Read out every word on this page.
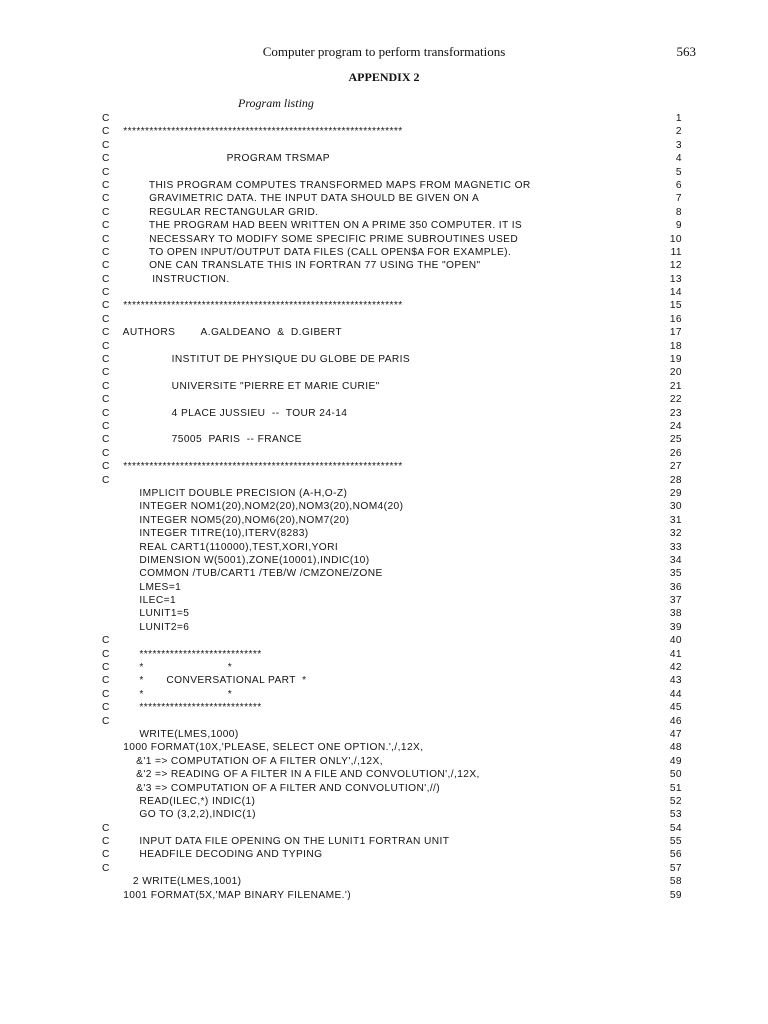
Computer program to perform transformations	563
APPENDIX 2
Program listing
C	1
C ****************************************************************	2
C	3
C PROGRAM TRSMAP	4
C	5
C THIS PROGRAM COMPUTES TRANSFORMED MAPS FROM MAGNETIC OR	6
C GRAVIMETRIC DATA. THE INPUT DATA SHOULD BE GIVEN ON A	7
C REGULAR RECTANGULAR GRID.	8
C THE PROGRAM HAD BEEN WRITTEN ON A PRIME 350 COMPUTER. IT IS	9
C NECESSARY TO MODIFY SOME SPECIFIC PRIME SUBROUTINES USED	10
C TO OPEN INPUT/OUTPUT DATA FILES (CALL OPEN$A FOR EXAMPLE).	11
C ONE CAN TRANSLATE THIS IN FORTRAN 77 USING THE "OPEN"	12
C INSTRUCTION.	13
C	14
C ****************************************************************	15
C	16
C AUTHORS        A.GALDEANO  &  D.GIBERT	17
C	18
C INSTITUT DE PHYSIQUE DU GLOBE DE PARIS	19
C	20
C UNIVERSITE "PIERRE ET MARIE CURIE"	21
C	22
C 4 PLACE JUSSIEU  --  TOUR 24-14	23
C	24
C 75005  PARIS  -- FRANCE	25
C	26
C ****************************************************************	27
C	28
IMPLICIT DOUBLE PRECISION (A-H,O-Z)	29
INTEGER NOM1(20),NOM2(20),NOM3(20),NOM4(20)	30
INTEGER NOM5(20),NOM6(20),NOM7(20)	31
INTEGER TITRE(10),ITERV(8283)	32
REAL CART1(110000),TEST,XORI,YORI	33
DIMENSION W(5001),ZONE(10001),INDIC(10)	34
COMMON /TUB/CART1 /TEB/W /CMZONE/ZONE	35
LMES=1	36
ILEC=1	37
LUNIT1=5	38
LUNIT2=6	39
C	40
C ****************************	41
C *                          *	42
C *       CONVERSATIONAL PART  *	43
C *                          *	44
C ****************************	45
C	46
WRITE(LMES,1000)	47
1000 FORMAT(10X,'PLEASE, SELECT ONE OPTION.',/,12X,	48
&'1 => COMPUTATION OF A FILTER ONLY',/,12X,	49
&'2 => READING OF A FILTER IN A FILE AND CONVOLUTION',/,12X,	50
&'3 => COMPUTATION OF A FILTER AND CONVOLUTION',//)	51
READ(ILEC,*) INDIC(1)	52
GO TO (3,2,2),INDIC(1)	53
C	54
C INPUT DATA FILE OPENING ON THE LUNIT1 FORTRAN UNIT	55
C HEADFILE DECODING AND TYPING	56
C	57
2 WRITE(LMES,1001)	58
1001 FORMAT(5X,'MAP BINARY FILENAME.')	59
